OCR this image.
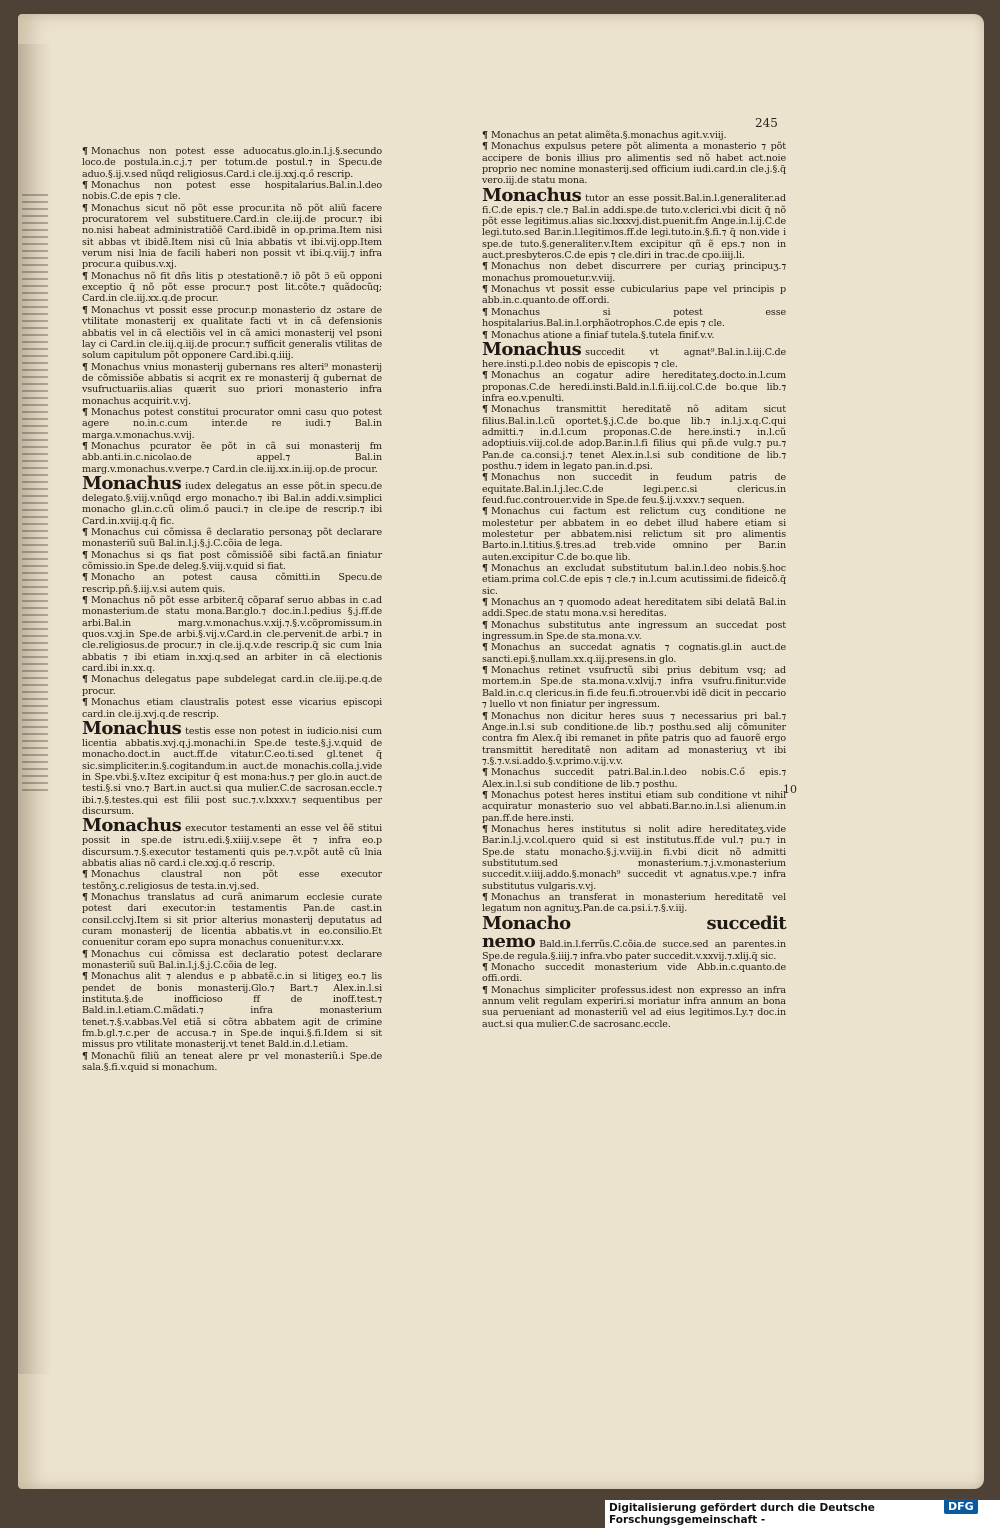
245
10

¶ Monachus non potest esse aduocatus.glo.in.l.j.§.secundo loco.de postula.in.c.j.⁊ per totum.de postul.⁊ in Specu.de aduo.§.ij.v.sed nũqd religiosus.Card.i cle.ij.xxj.q.ő rescrip.

¶ Monachus non potest esse hospitalarius.Bal.in.l.deo nobis.C.de epis ⁊ cle.

¶ Monachus sicut nõ põt esse procur.ita nõ põt aliũ facere procuratorem vel substituere.Card.in cle.iij.de procur.⁊ ibi no.nisi habeat administratiõẽ Card.ibidẽ in op.prima.Item nisi sit abbas vt ibidẽ.Item nisi cũ lnia abbatis vt ibi.vij.opp.Item verum nisi lnia de facili haberi non possit vt ibi.q.viij.⁊ infra procur.a quibus.v.xj.

¶ Monachus nõ fit dñs litis p ɔtestationẽ.⁊ iõ põt ɔ̃ eũ opponi exceptio q̃ nõ põt esse procur.⁊ post lit.cõte.⁊ quãdocũq; Card.in cle.iij.xx.q.de procur.

¶ Monachus vt possit esse procur.p monasterio dz ɔstare de vtilitate monasterij ex qualitate facti vt in cã defensionis abbatis vel in cã electiõis vel in cã amici monasterij vel psoni lay ci Card.in cle.iij.q.iij.de procur.⁊ sufficit generalis vtilitas de solum capitulum põt opponere Card.ibi.q.iiij.

¶ Monachus vnius monasterij gubernans res alteri⁹ monasterij de cõmissiõe abbatis si acqrit ex re monasterij q̃ gubernat de vsufructuariis.alias quærit suo priori monasterio infra monachus acquirit.v.vj.

¶ Monachus potest constitui procurator omni casu quo potest agere no.in.c.cum inter.de re iudi.⁊ Bal.in marga.v.monachus.v.vij.

¶ Monachus pcurator ẽe põt in cã sui monasterij fm abb.anti.in.c.nicolao.de appel.⁊ Bal.in marg.v.monachus.v.verpe.⁊ Card.in cle.iij.xx.in.iij.op.de procur.

Monachus iudex delegatus an esse põt.in specu.de delegato.§.viij.v.nũqd ergo monacho.⁊ ibi Bal.in addi.v.simplici monacho gl.in.c.cũ olim.ő pauci.⁊ in cle.ipe de rescrip.⁊ ibi Card.in.xviij.q.q̃ fic.

¶ Monachus cui cõmissa ẽ declaratio personaʒ põt declarare monasteriũ suũ Bal.in.l.j.§.j.C.cõia de lega.

¶ Monachus si qs fiat post cõmissiõẽ sibi factã.an finiatur cõmissio.in Spe.de deleg.§.viij.v.quid si fiat.

¶ Monacho an potest causa cõmitti.in Specu.de rescrip.pñ.§.iij.v.si autem quis.

¶ Monachus nõ põt esse arbiter.q̃ cõparaf seruo abbas in c.ad monasterium.de statu mona.Bar.glo.⁊ doc.in.l.pedius §.j.ff.de arbi.Bal.in marg.v.monachus.v.xij.⁊.§.v.cõpromissum.in quos.v.xj.in Spe.de arbi.§.vij.v.Card.in cle.pervenit.de arbi.⁊ in cle.religiosus.de procur.⁊ in cle.ij.q.v.de rescrip.q̃ sic cum lnia abbatis ⁊ ibi etiam in.xxj.q.sed an arbiter in cã electionis card.ibi in.xx.q.

¶ Monachus delegatus pape subdelegat card.in cle.iij.pe.q.de procur.

¶ Monachus etiam claustralis potest esse vicarius episcopi card.in cle.ij.xvj.q.de rescrip.

Monachus testis esse non potest in iudicio.nisi cum licentia abbatis.xvj.q.j.monachi.in Spe.de teste.§.j.v.quid de monacho.doct.in auct.ff.de vitatur.C.eo.ti.sed gl.tenet q̃ sic.simpliciter.in.§.cogitandum.in auct.de monachis.colla.j.vide in Spe.vbi.§.v.Itez excipitur q̃ est mona:hus.⁊ per glo.in auct.de testi.§.si vno.⁊ Bart.in auct.si qua mulier.C.de sacrosan.eccle.⁊ ibi.⁊.§.testes.qui est filii post suc.⁊.v.lxxxv.⁊ sequentibus per discursum.

Monachus executor testamenti an esse vel ẽẽ stitui possit in spe.de istru.edi.§.xiiij.v.sepe ẽt ⁊ infra eo.p discursum.⁊.§.executor testamenti quis pe.⁊.v.põt autẽ cũ lnia abbatis alias nõ card.i cle.xxj.q.ő rescrip.

¶ Monachus claustral non põt esse executor testõnʒ.c.religiosus de testa.in.vj.sed.

¶ Monachus translatus ad curã animarum ecclesie curate potest dari executor:in testamentis Pan.de cast.in consil.cclvj.Item si sit prior alterius monasterij deputatus ad curam monasterij de licentia abbatis.vt in eo.consilio.Et conuenitur coram epo supra monachus conuenitur.v.xx.

¶ Monachus cui cõmissa est declaratio potest declarare monasteriũ suũ Bal.in.l.j.§.j.C.cõia de leg.

¶ Monachus alit ⁊ alendus e p abbatẽ.c.in si litigeʒ eo.⁊ lis pendet de bonis monasterij.Glo.⁊ Bart.⁊ Alex.in.l.si instituta.§.de inofficioso ff de inoff.test.⁊ Bald.in.l.etiam.C.mãdati.⁊ infra monasterium tenet.⁊.§.v.abbas.Vel etiã si cõtra abbatem agit de crimine fm.b.gl.⁊.c.per de accusa.⁊ in Spe.de inqui.§.fi.Idem si sit missus pro vtilitate monasterij.vt tenet Bald.in.d.l.etiam.

¶ Monachũ filiũ an teneat alere pr vel monasteriũ.i Spe.de sala.§.fi.v.quid si monachum.

¶ Monachus an petat alimẽta.§.monachus agit.v.viij.

¶ Monachus expulsus petere põt alimenta a monasterio ⁊ põt accipere de bonis illius pro alimentis sed nõ habet act.noie proprio nec nomine monasterij.sed officium iudi.card.in cle.j.§.q̃ vero.iij.de statu mona.

Monachus tutor an esse possit.Bal.in.l.generaliter.ad fi.C.de epis.⁊ cle.⁊ Bal.in addi.spe.de tuto.v.clerici.vbi dicit q̃ nõ põt esse legitimus.alias sic.lxxxvj.dist.puenit.fm Ange.in.l.ij.C.de legi.tuto.sed Bar.in.l.legitimos.ff.de legi.tuto.in.§.fi.⁊ q̃ non.vide i spe.de tuto.§.generaliter.v.Item excipitur qñ ẽ eps.⁊ non in auct.presbyteros.C.de epis ⁊ cle.diri in trac.de cpo.iiij.li.

¶ Monachus non debet discurrere per curiaʒ principuʒ.⁊ monachus promouetur.v.viij.

¶ Monachus vt possit esse cubicularius pape vel principis p abb.in.c.quanto.de off.ordi.

¶ Monachus si potest esse hospitalarius.Bal.in.l.orphãotrophos.C.de epis ⁊ cle.

¶ Monachus atione a finiaf tutela.§.tutela finif.v.v.

Monachus succedit vt agnat⁹.Bal.in.l.iij.C.de here.insti.p.l.deo nobis de episcopis ⁊ cle.

¶ Monachus an cogatur adire hereditateʒ.docto.in.l.cum proponas.C.de heredi.insti.Bald.in.l.fi.iij.col.C.de bo.que lib.⁊ infra eo.v.penulti.

¶ Monachus transmittit hereditatẽ nõ aditam sicut filius.Bal.in.l.cũ oportet.§.j.C.de bo.que lib.⁊ in.l.j.x.q.C.qui admitti.⁊ in.d.l.cum proponas.C.de here.insti.⁊ in.l.cũ adoptiuis.viij.col.de adop.Bar.in.l.fi filius qui pñ.de vulg.⁊ pu.⁊ Pan.de ca.consi.j.⁊ tenet Alex.in.l.si sub conditione de lib.⁊ posthu.⁊ idem in legato pan.in.d.psi.

¶ Monachus non succedit in feudum patris de equitate.Bal.in.l.j.lec.C.de legi.per.c.si clericus.in feud.fuc.controuer.vide in Spe.de feu.§.ij.v.xxv.⁊ sequen.

¶ Monachus cui factum est relictum cuʒ conditione ne molestetur per abbatem in eo debet illud habere etiam si molestetur per abbatem.nisi relictum sit pro alimentis Barto.in.l.titius.§.tres.ad treb.vide omnino per Bar.in auten.excipitur C.de bo.que lib.

¶ Monachus an excludat substitutum bal.in.l.deo nobis.§.hoc etiam.prima col.C.de epis ⁊ cle.⁊ in.l.cum acutissimi.de fideicõ.q̃ sic.

¶ Monachus an ⁊ quomodo adeat hereditatem sibi delatã Bal.in addi.Spec.de statu mona.v.si hereditas.

¶ Monachus substitutus ante ingressum an succedat post ingressum.in Spe.de sta.mona.v.v.

¶ Monachus an succedat agnatis ⁊ cognatis.gl.in auct.de sancti.epi.§.nullam.xx.q.iij.presens.in glo.

¶ Monachus retinet vsufructũ sibi prius debitum vsq; ad mortem.in Spe.de sta.mona.v.xlvij.⁊ infra vsufru.finitur.vide Bald.in.c.q clericus.in fi.de feu.fi.ɔtrouer.vbi idẽ dicit in peccario ⁊ luello vt non finiatur per ingressum.

¶ Monachus non dicitur heres suus ⁊ necessarius pri bal.⁊ Ange.in.l.si sub conditione.de lib.⁊ posthu.sed alij cõmuniter contra fm Alex.q̃ ibi remanet in pñte patris quo ad fauorẽ ergo transmittit hereditatẽ non aditam ad monasteriuʒ vt ibi ⁊.§.⁊.v.si.addo.§.v.primo.v.ij.v.v.

¶ Monachus succedit patri.Bal.in.l.deo nobis.C.ő epis.⁊ Alex.in.l.si sub conditione de lib.⁊ posthu.

¶ Monachus potest heres institui etiam sub conditione vt nihil acquiratur monasterio suo vel abbati.Bar.no.in.l.si alienum.in pan.ff.de here.insti.

¶ Monachus heres institutus si nolit adire hereditateʒ.vide Bar.in.l.j.v.col.quero quid si est institutus.ff.de vul.⁊ pu.⁊ in Spe.de statu monacho.§.j.v.viij.in fi.vbi dicit nõ admitti substitutum.sed monasterium.⁊.j.v.monasterium succedit.v.iiij.addo.§.monach⁹ succedit vt agnatus.v.pe.⁊ infra substitutus vulgaris.v.vj.

¶ Monachus an transferat in monasterium hereditatẽ vel legatum non agnituʒ.Pan.de ca.psi.i.⁊.§.v.iij.

Monacho succedit nemo Bald.in.l.ferrũs.C.cõia.de succe.sed an parentes.in Spe.de regula.§.iiij.⁊ infra.vbo pater succedit.v.xxvij.⁊.xlij.q̃ sic.

¶ Monacho succedit monasterium vide Abb.in.c.quanto.de offi.ordi.

¶ Monachus simpliciter professus.idest non expresso an infra annum velit regulam experiri.si moriatur infra annum an bona sua perueniant ad monasteriũ vel ad eius legitimos.Ly.⁊ doc.in auct.si qua mulier.C.de sacrosanc.eccle.

Digitalisierung gefördert durch die Deutsche Forschungsgemeinschaft -
DFG
